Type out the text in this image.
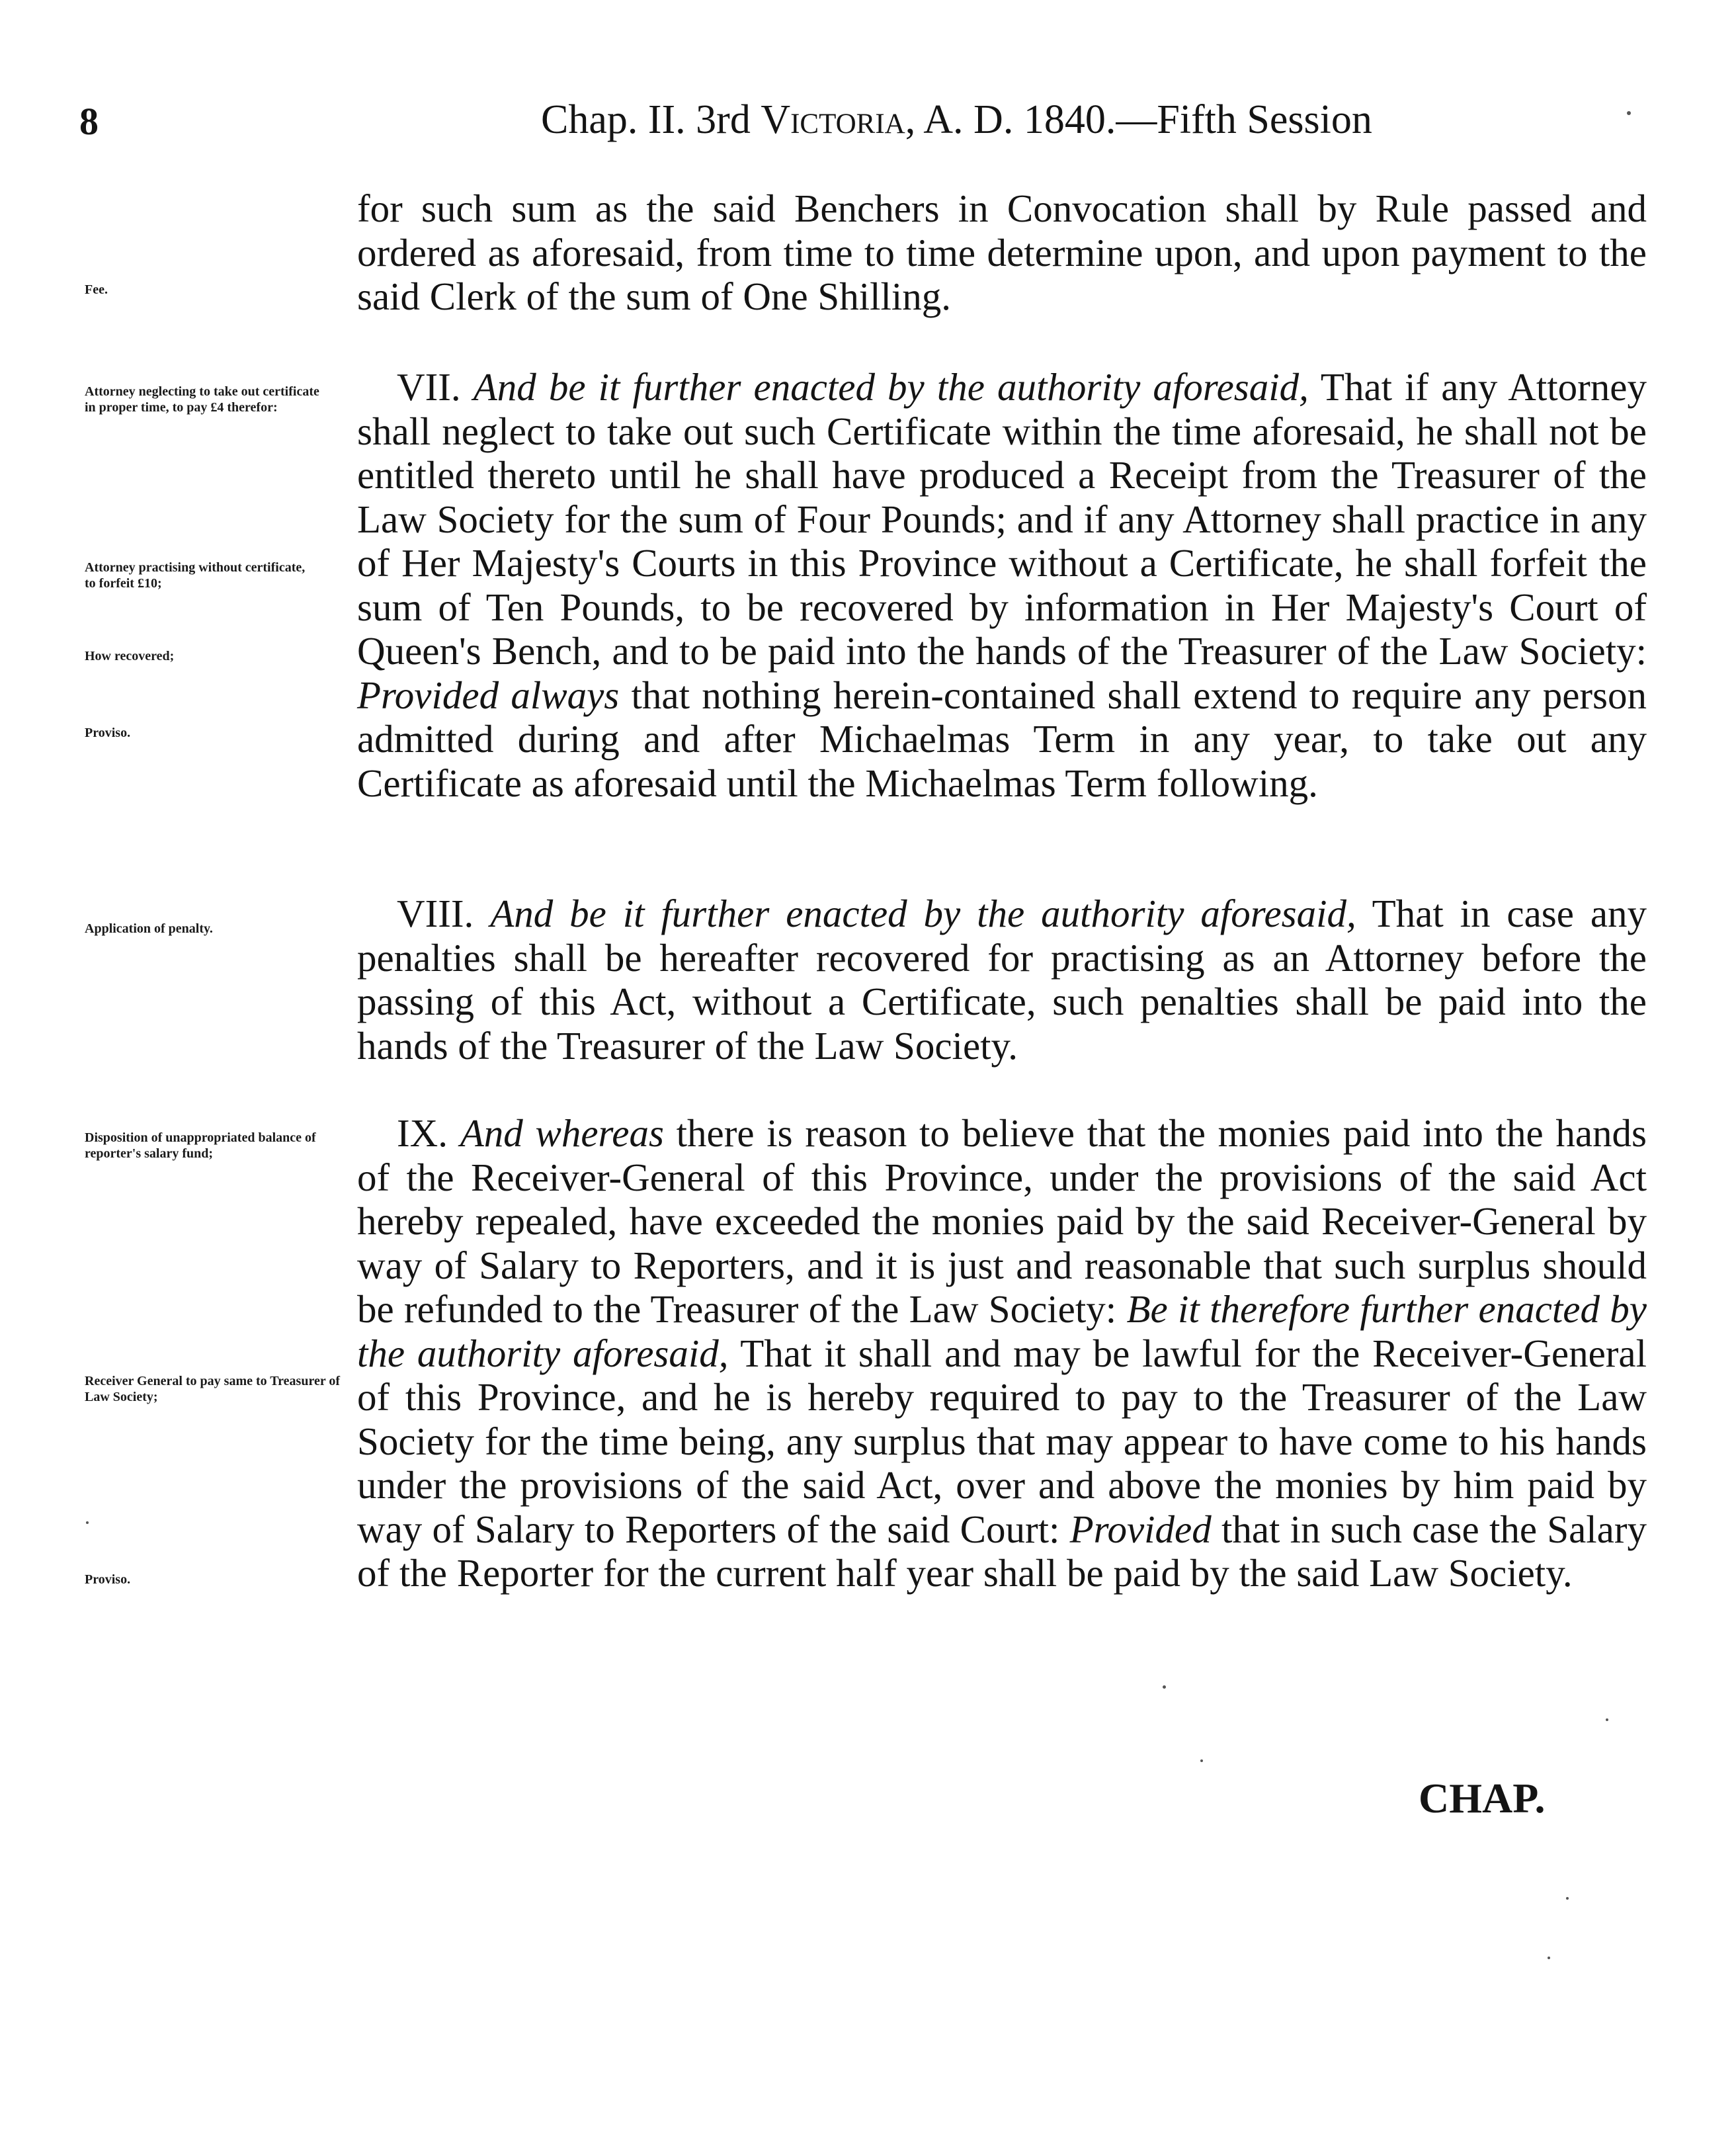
8	Chap. II. 3rd Victoria, A. D. 1840.—Fifth Session
for such sum as the said Benchers in Convocation shall by Rule passed and ordered as aforesaid, from time to time determine upon, and upon payment to the said Clerk of the sum of One Shilling.
VII. And be it further enacted by the authority aforesaid, That if any Attorney shall neglect to take out such Certificate within the time aforesaid, he shall not be entitled thereto until he shall have produced a Receipt from the Treasurer of the Law Society for the sum of Four Pounds; and if any Attorney shall practice in any of Her Majesty's Courts in this Province without a Certificate, he shall forfeit the sum of Ten Pounds, to be recovered by information in Her Majesty's Court of Queen's Bench, and to be paid into the hands of the Treasurer of the Law Society: Provided always that nothing herein-contained shall extend to require any person admitted during and after Michaelmas Term in any year, to take out any Certificate as aforesaid until the Michaelmas Term following.
VIII. And be it further enacted by the authority aforesaid, That in case any penalties shall be hereafter recovered for practising as an Attorney before the passing of this Act, without a Certificate, such penalties shall be paid into the hands of the Treasurer of the Law Society.
IX. And whereas there is reason to believe that the monies paid into the hands of the Receiver-General of this Province, under the provisions of the said Act hereby repealed, have exceeded the monies paid by the said Receiver-General by way of Salary to Reporters, and it is just and reasonable that such surplus should be refunded to the Treasurer of the Law Society: Be it therefore further enacted by the authority aforesaid, That it shall and may be lawful for the Receiver-General of this Province, and he is hereby required to pay to the Treasurer of the Law Society for the time being, any surplus that may appear to have come to his hands under the provisions of the said Act, over and above the monies by him paid by way of Salary to Reporters of the said Court: Provided that in such case the Salary of the Reporter for the current half year shall be paid by the said Law Society.
Fee.
Attorney neglecting to take out certificate in proper time, to pay £4 therefor:
Attorney practising without certificate, to forfeit £10;
How recovered;
Proviso.
Application of penalty.
Disposition of unappropriated balance of reporter's salary fund;
Receiver General to pay same to Treasurer of Law Society;
Proviso.
CHAP.
